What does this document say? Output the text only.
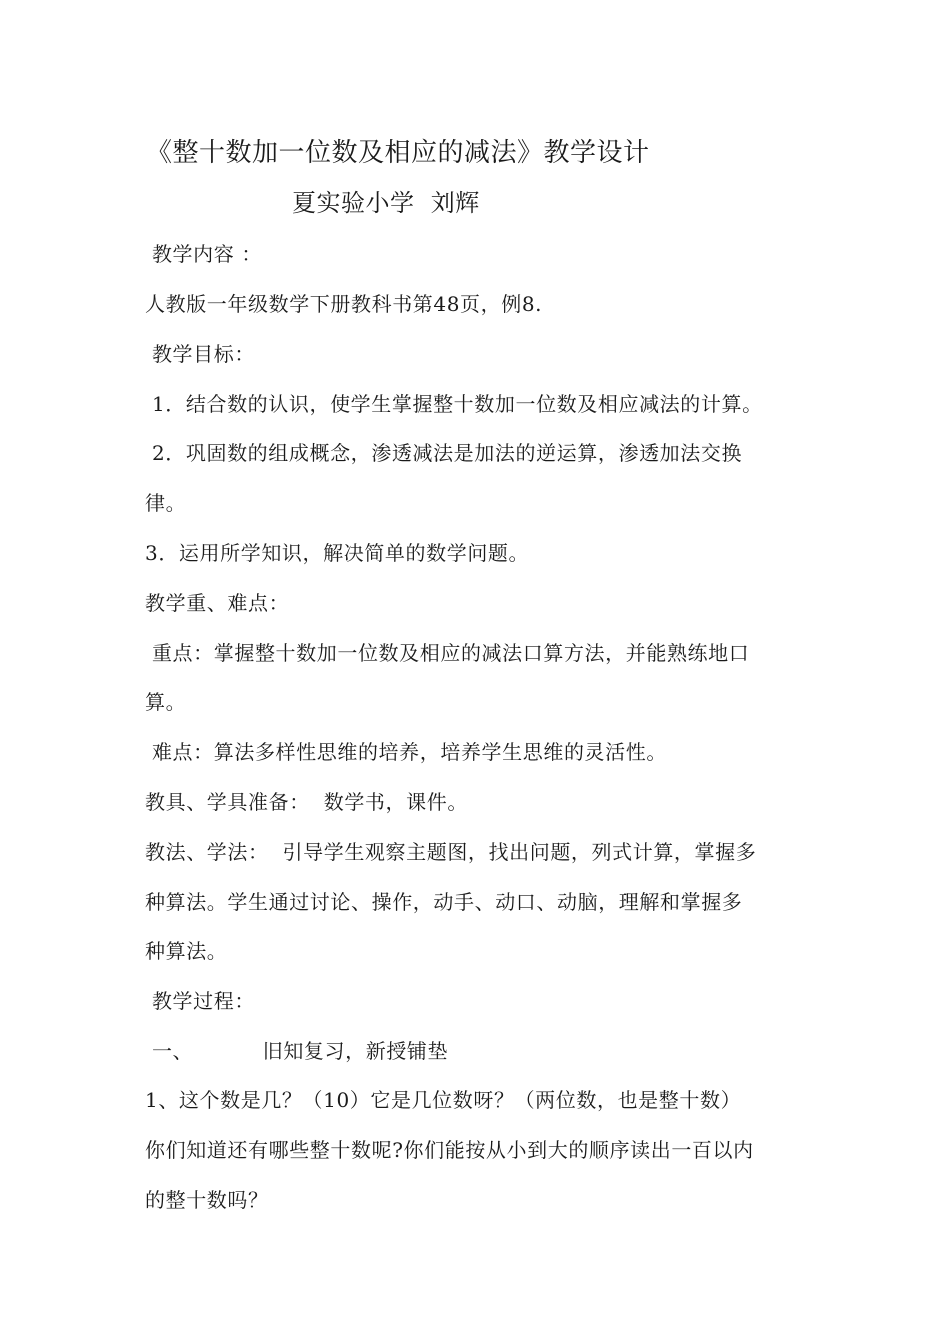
《整十数加一位数及相应的减法》教学设计
夏实验小学  刘辉
教学内容 ：
人教版一年级数学下册教科书第48页，例8.
教学目标：
1．结合数的认识，使学生掌握整十数加一位数及相应减法的计算。
2．巩固数的组成概念，渗透减法是加法的逆运算，渗透加法交换
律。
3．运用所学知识，解决简单的数学问题。
教学重、难点：
重点：掌握整十数加一位数及相应的减法口算方法，并能熟练地口
算。
难点：算法多样性思维的培养，培养学生思维的灵活性。
教具、学具准备：  数学书，课件。
教法、学法：  引导学生观察主题图，找出问题，列式计算，掌握多
种算法。学生通过讨论、操作，动手、动口、动脑，理解和掌握多
种算法。
教学过程：
一、          旧知复习，新授铺垫
1、这个数是几？（10）它是几位数呀？（两位数，也是整十数）
你们知道还有哪些整十数呢?你们能按从小到大的顺序读出一百以内
的整十数吗？
